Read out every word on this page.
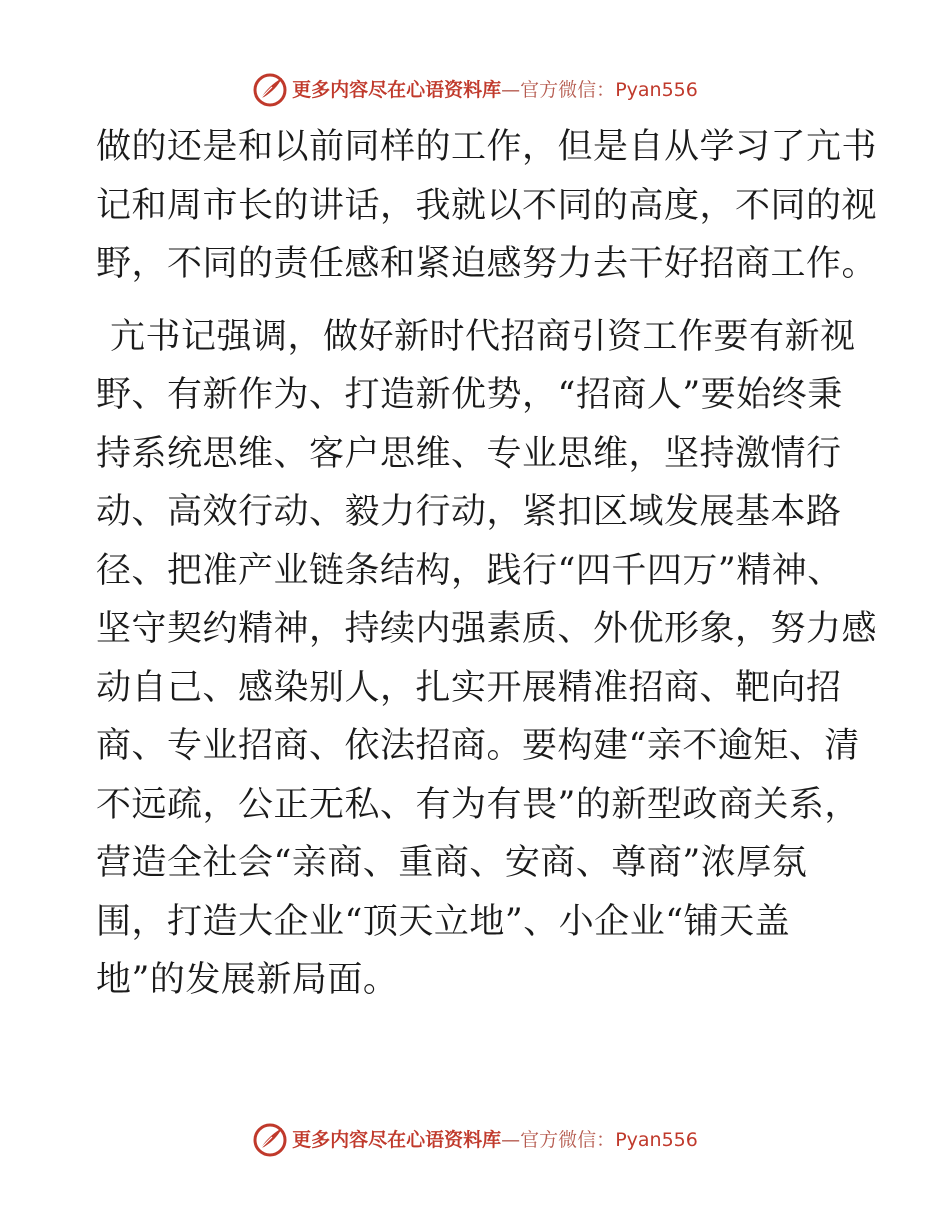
更多内容尽在心语资料库—官方微信：Pyan556
做的还是和以前同样的工作，但是自从学习了亢书
记和周市长的讲话，我就以不同的高度，不同的视
野，不同的责任感和紧迫感努力去干好招商工作。
亢书记强调，做好新时代招商引资工作要有新视
野、有新作为、打造新优势，“招商人”要始终秉
持系统思维、客户思维、专业思维，坚持激情行
动、高效行动、毅力行动，紧扣区域发展基本路
径、把准产业链条结构，践行“四千四万”精神、
坚守契约精神，持续内强素质、外优形象，努力感
动自己、感染别人，扎实开展精准招商、靶向招
商、专业招商、依法招商。要构建“亲不逾矩、清
不远疏，公正无私、有为有畏”的新型政商关系，
营造全社会“亲商、重商、安商、尊商”浓厚氛
围，打造大企业“顶天立地”、小企业“铺天盖
地”的发展新局面。
更多内容尽在心语资料库—官方微信：Pyan556
